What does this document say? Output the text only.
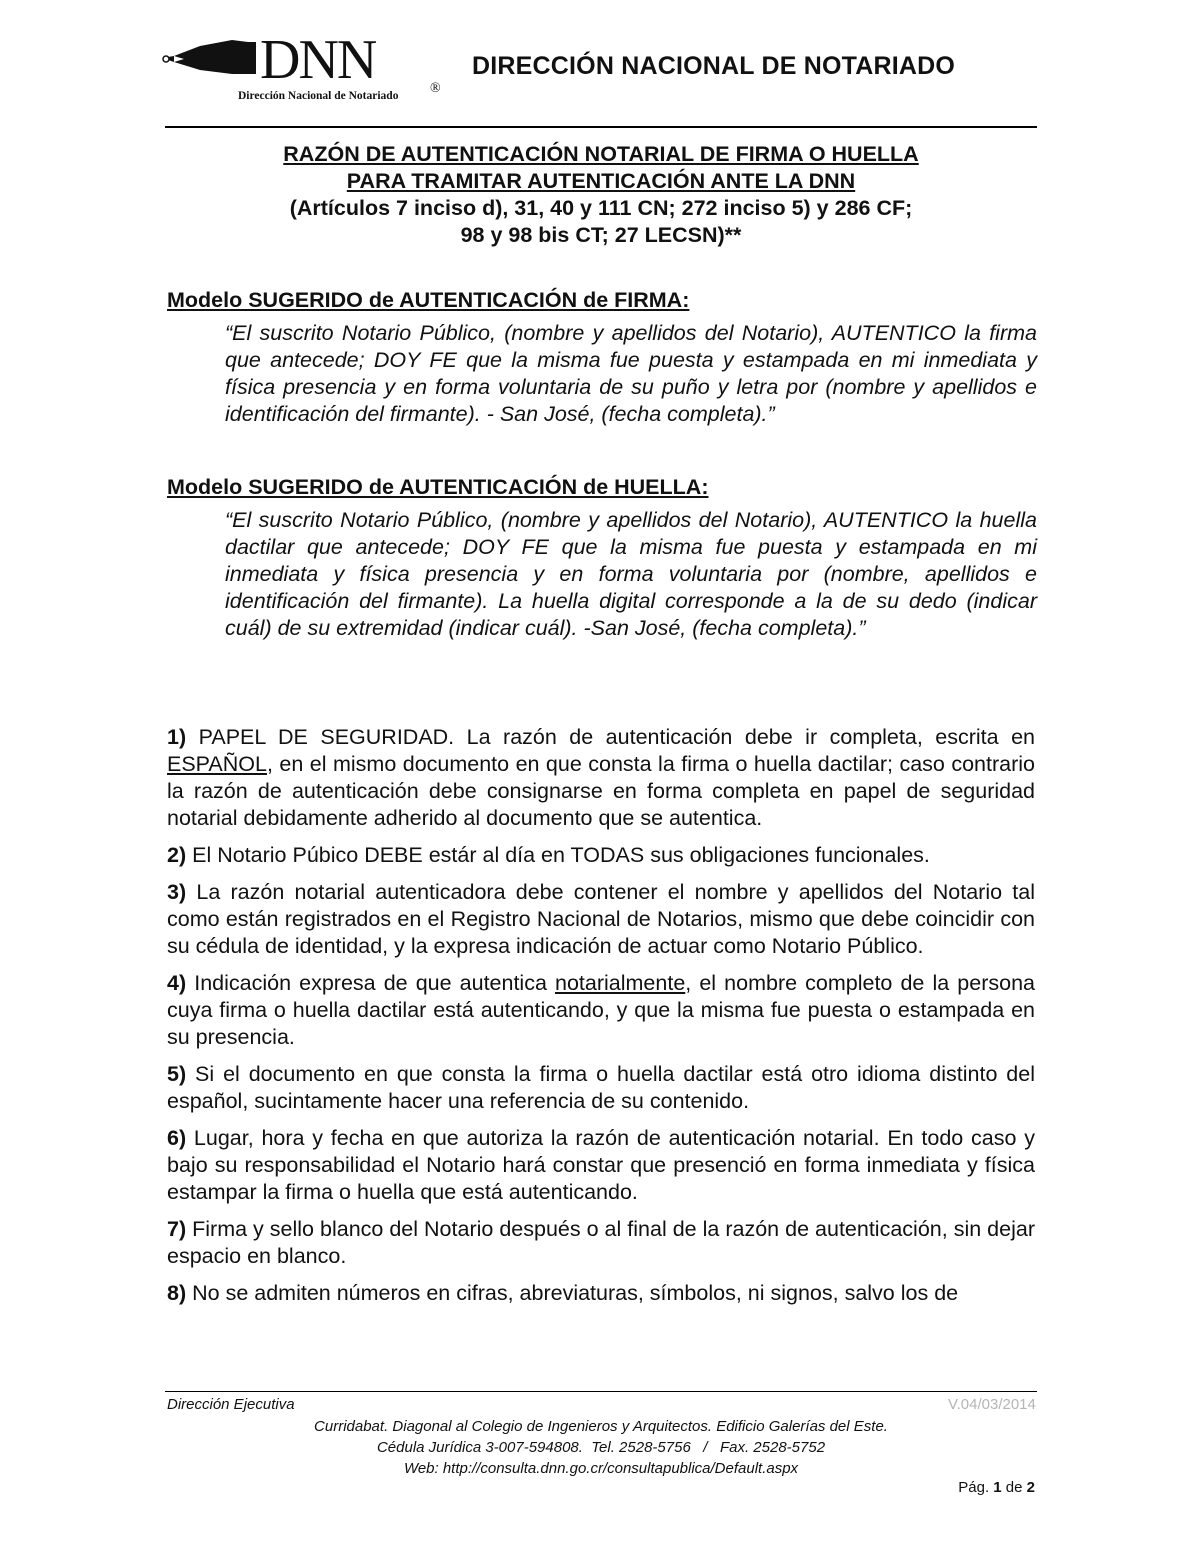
DNN
Dirección Nacional de Notariado ®
DIRECCIÓN NACIONAL DE NOTARIADO
RAZÓN DE AUTENTICACIÓN NOTARIAL DE FIRMA O HUELLA
PARA TRAMITAR AUTENTICACIÓN ANTE LA DNN
(Artículos 7 inciso d), 31, 40 y 111 CN; 272 inciso 5) y 286 CF;
98 y 98 bis CT; 27 LECSN)**
Modelo SUGERIDO de AUTENTICACIÓN de FIRMA:

“El suscrito Notario Público, (nombre y apellidos del Notario), AUTENTICO la firma que antecede; DOY FE que la misma fue puesta y estampada en mi inmediata y física presencia y en forma voluntaria de su puño y letra por (nombre y apellidos e identificación del firmante). - San José, (fecha completa).”

Modelo SUGERIDO de AUTENTICACIÓN de HUELLA:

“El suscrito Notario Público, (nombre y apellidos del Notario), AUTENTICO la huella dactilar que antecede; DOY FE que la misma fue puesta y estampada en mi inmediata y física presencia y en forma voluntaria por (nombre, apellidos e identificación del firmante). La huella digital corresponde a la de su dedo (indicar cuál) de su extremidad (indicar cuál). -San José, (fecha completa).”

1) PAPEL DE SEGURIDAD. La razón de autenticación debe ir completa, escrita en ESPAÑOL, en el mismo documento en que consta la firma o huella dactilar; caso contrario la razón de autenticación debe consignarse en forma completa en papel de seguridad notarial debidamente adherido al documento que se autentica.

2) El Notario Púbico DEBE estár al día en TODAS sus obligaciones funcionales.

3) La razón notarial autenticadora debe contener el nombre y apellidos del Notario tal como están registrados en el Registro Nacional de Notarios, mismo que debe coincidir con su cédula de identidad, y la expresa indicación de actuar como Notario Público.

4) Indicación expresa de que autentica notarialmente, el nombre completo de la persona cuya firma o huella dactilar está autenticando, y que la misma fue puesta o estampada en su presencia.

5) Si el documento en que consta la firma o huella dactilar está otro idioma distinto del español, sucintamente hacer una referencia de su contenido.

6) Lugar, hora y fecha en que autoriza la razón de autenticación notarial. En todo caso y bajo su responsabilidad el Notario hará constar que presenció en forma inmediata y física estampar la firma o huella que está autenticando.

7) Firma y sello blanco del Notario después o al final de la razón de autenticación, sin dejar espacio en blanco.

8) No se admiten números en cifras, abreviaturas, símbolos, ni signos, salvo los de

Dirección Ejecutiva	V.04/03/2014
Curridabat. Diagonal al Colegio de Ingenieros y Arquitectos. Edificio Galerías del Este.
Cédula Jurídica 3-007-594808.  Tel. 2528-5756   /   Fax. 2528-5752
Web: http://consulta.dnn.go.cr/consultapublica/Default.aspx
Pág. 1 de 2
